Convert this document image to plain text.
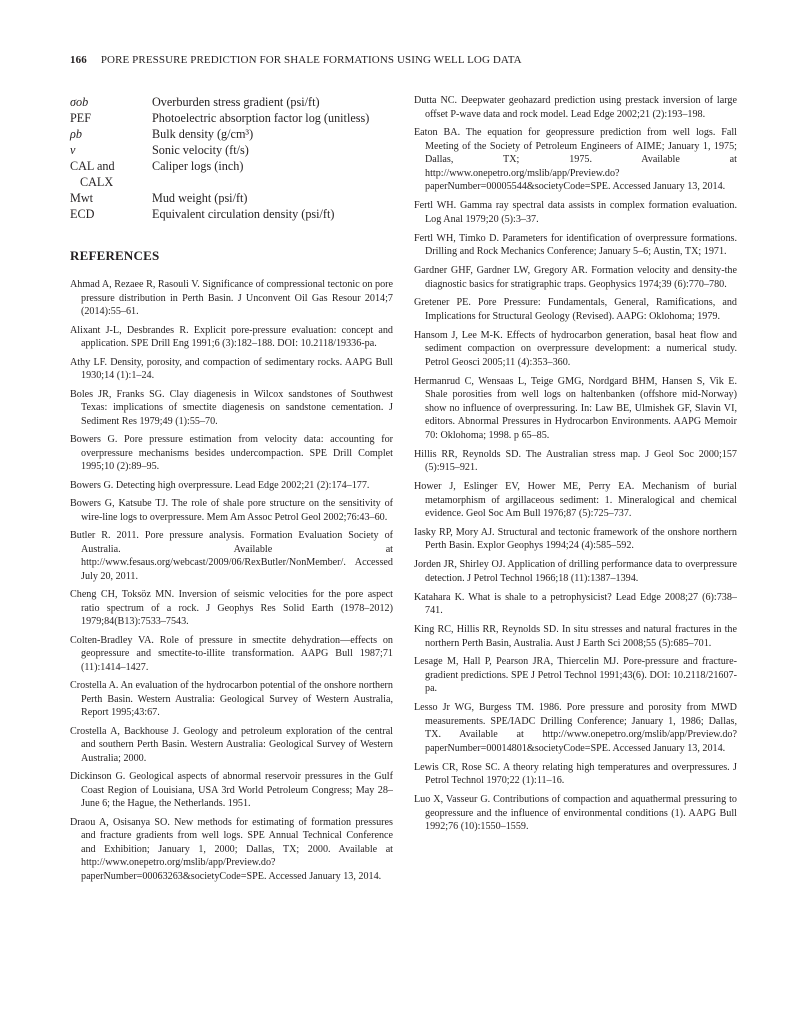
166 PORE PRESSURE PREDICTION FOR SHALE FORMATIONS USING WELL LOG DATA
σob	Overburden stress gradient (psi/ft)
PEF	Photoelectric absorption factor log (unitless)
ρb	Bulk density (g/cm³)
v	Sonic velocity (ft/s)
CAL and	Caliper logs (inch)
CALX
Mwt	Mud weight (psi/ft)
ECD	Equivalent circulation density (psi/ft)
REFERENCES

Ahmad A, Rezaee R, Rasouli V. Significance of compressional tectonic on pore pressure distribution in Perth Basin. J Unconvent Oil Gas Resour 2014;7 (2014):55–61.

Alixant J-L, Desbrandes R. Explicit pore-pressure evaluation: concept and application. SPE Drill Eng 1991;6 (3):182–188. DOI: 10.2118/19336-pa.

Athy LF. Density, porosity, and compaction of sedimentary rocks. AAPG Bull 1930;14 (1):1–24.

Boles JR, Franks SG. Clay diagenesis in Wilcox sandstones of Southwest Texas: implications of smectite diagenesis on sandstone cementation. J Sediment Res 1979;49 (1):55–70.

Bowers G. Pore pressure estimation from velocity data: accounting for overpressure mechanisms besides undercompaction. SPE Drill Complet 1995;10 (2):89–95.

Bowers G. Detecting high overpressure. Lead Edge 2002;21 (2):174–177.

Bowers G, Katsube TJ. The role of shale pore structure on the sensitivity of wire-line logs to overpressure. Mem Am Assoc Petrol Geol 2002;76:43–60.

Butler R. 2011. Pore pressure analysis. Formation Evaluation Society of Australia. Available at http://www.fesaus.org/webcast/2009/06/RexButler/NonMember/. Accessed July 20, 2011.

Cheng CH, Toksöz MN. Inversion of seismic velocities for the pore aspect ratio spectrum of a rock. J Geophys Res Solid Earth (1978–2012) 1979;84(B13):7533–7543.

Colten-Bradley VA. Role of pressure in smectite dehydration—effects on geopressure and smectite-to-illite transformation. AAPG Bull 1987;71 (11):1414–1427.

Crostella A. An evaluation of the hydrocarbon potential of the onshore northern Perth Basin. Western Australia: Geological Survey of Western Australia, Report 1995;43:67.

Crostella A, Backhouse J. Geology and petroleum exploration of the central and southern Perth Basin. Western Australia: Geological Survey of Western Australia; 2000.

Dickinson G. Geological aspects of abnormal reservoir pressures in the Gulf Coast Region of Louisiana, USA 3rd World Petroleum Congress; May 28–June 6; the Hague, the Netherlands. 1951.

Draou A, Osisanya SO. New methods for estimating of formation pressures and fracture gradients from well logs. SPE Annual Technical Conference and Exhibition; January 1, 2000; Dallas, TX; 2000. Available at http://www.onepetro.org/mslib/app/Preview.do?paperNumber=00063263&societyCode=SPE. Accessed January 13, 2014.

Dutta NC. Deepwater geohazard prediction using prestack inversion of large offset P-wave data and rock model. Lead Edge 2002;21 (2):193–198.

Eaton BA. The equation for geopressure prediction from well logs. Fall Meeting of the Society of Petroleum Engineers of AIME; January 1, 1975; Dallas, TX; 1975. Available at http://www.onepetro.org/mslib/app/Preview.do?paperNumber=00005544&societyCode=SPE. Accessed January 13, 2014.

Fertl WH. Gamma ray spectral data assists in complex formation evaluation. Log Anal 1979;20 (5):3–37.

Fertl WH, Timko D. Parameters for identification of overpressure formations. Drilling and Rock Mechanics Conference; January 5–6; Austin, TX; 1971.

Gardner GHF, Gardner LW, Gregory AR. Formation velocity and density-the diagnostic basics for stratigraphic traps. Geophysics 1974;39 (6):770–780.

Gretener PE. Pore Pressure: Fundamentals, General, Ramifications, and Implications for Structural Geology (Revised). AAPG: Oklohoma; 1979.

Hansom J, Lee M-K. Effects of hydrocarbon generation, basal heat flow and sediment compaction on overpressure development: a numerical study. Petrol Geosci 2005;11 (4):353–360.

Hermanrud C, Wensaas L, Teige GMG, Nordgard BHM, Hansen S, Vik E. Shale porosities from well logs on haltenbanken (offshore mid-Norway) show no influence of overpressuring. In: Law BE, Ulmishek GF, Slavin VI, editors. Abnormal Pressures in Hydrocarbon Environments. AAPG Memoir 70: Oklohoma; 1998. p 65–85.

Hillis RR, Reynolds SD. The Australian stress map. J Geol Soc 2000;157 (5):915–921.

Hower J, Eslinger EV, Hower ME, Perry EA. Mechanism of burial metamorphism of argillaceous sediment: 1. Mineralogical and chemical evidence. Geol Soc Am Bull 1976;87 (5):725–737.

Iasky RP, Mory AJ. Structural and tectonic framework of the onshore northern Perth Basin. Explor Geophys 1994;24 (4):585–592.

Jorden JR, Shirley OJ. Application of drilling performance data to overpressure detection. J Petrol Technol 1966;18 (11):1387–1394.

Katahara K. What is shale to a petrophysicist? Lead Edge 2008;27 (6):738–741.

King RC, Hillis RR, Reynolds SD. In situ stresses and natural fractures in the northern Perth Basin, Australia. Aust J Earth Sci 2008;55 (5):685–701.

Lesage M, Hall P, Pearson JRA, Thiercelin MJ. Pore-pressure and fracture-gradient predictions. SPE J Petrol Technol 1991;43(6). DOI: 10.2118/21607-pa.

Lesso Jr WG, Burgess TM. 1986. Pore pressure and porosity from MWD measurements. SPE/IADC Drilling Conference; January 1, 1986; Dallas, TX. Available at http://www.onepetro.org/mslib/app/Preview.do?paperNumber=00014801&societyCode=SPE. Accessed January 13, 2014.

Lewis CR, Rose SC. A theory relating high temperatures and overpressures. J Petrol Technol 1970;22 (1):11–16.

Luo X, Vasseur G. Contributions of compaction and aquathermal pressuring to geopressure and the influence of environmental conditions (1). AAPG Bull 1992;76 (10):1550–1559.
